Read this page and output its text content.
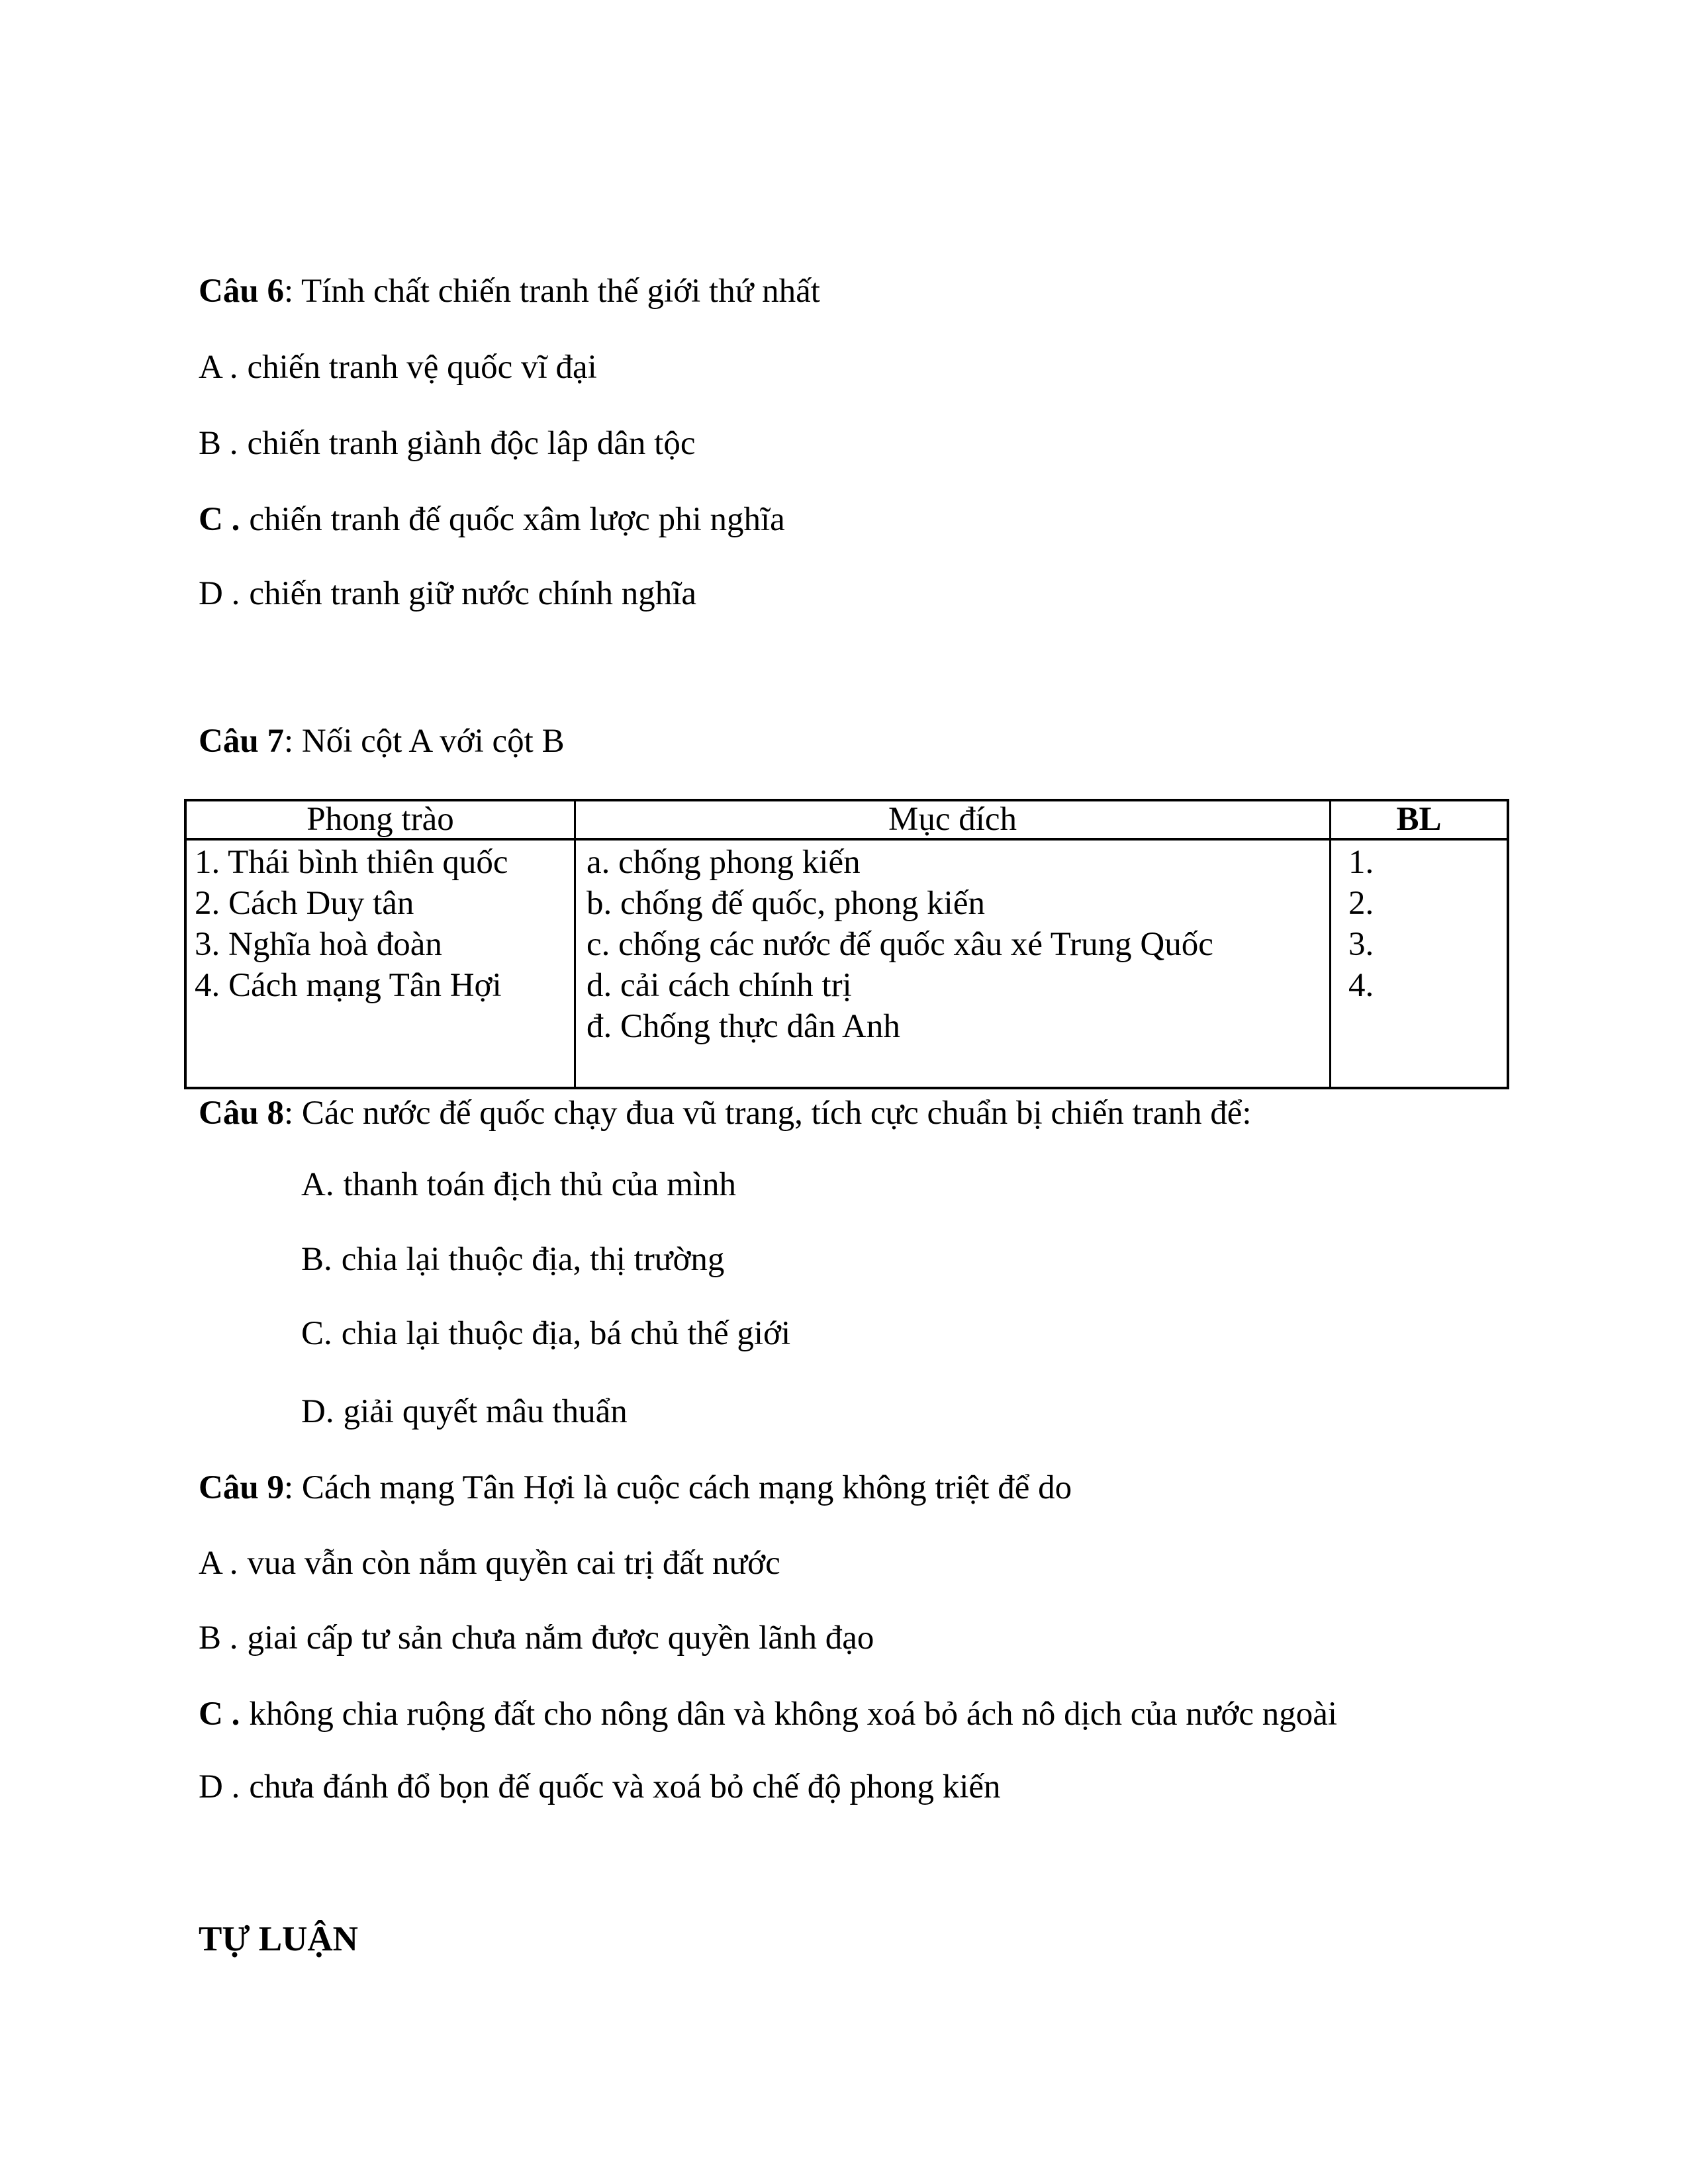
Câu 6: Tính chất chiến tranh thế giới thứ nhất

A . chiến tranh vệ quốc vĩ đại

B . chiến tranh giành độc lâp dân tộc

C . chiến tranh đế quốc xâm lược phi nghĩa

D . chiến tranh giữ nước chính nghĩa

Câu 7: Nối cột A với cột B

Phong trào	Mục đích	BL

1. Thái bình thiên quốc

2. Cách Duy tân

3. Nghĩa hoà đoàn

4. Cách mạng Tân Hợi

a. chống phong kiến

b. chống đế quốc, phong kiến

c. chống các nước đế quốc xâu xé Trung Quốc

d. cải cách chính trị

đ. Chống thực dân Anh

1.

2.

3.

4.

Câu 8: Các nước đế quốc chạy đua vũ trang, tích cực chuẩn bị chiến tranh để:

A. thanh toán địch thủ của mình

B. chia lại thuộc địa, thị trường

C. chia lại thuộc địa, bá chủ thế giới

D. giải quyết mâu thuẩn

Câu 9: Cách mạng Tân Hợi là cuộc cách mạng không triệt để do

A . vua vẫn còn nắm quyền cai trị đất nước

B . giai cấp tư sản chưa nắm được quyền lãnh đạo

C . không chia ruộng đất cho nông dân và không xoá bỏ ách nô dịch của nước ngoài

D . chưa đánh đổ bọn đế quốc và xoá bỏ chế độ phong kiến

TỰ LUẬN
